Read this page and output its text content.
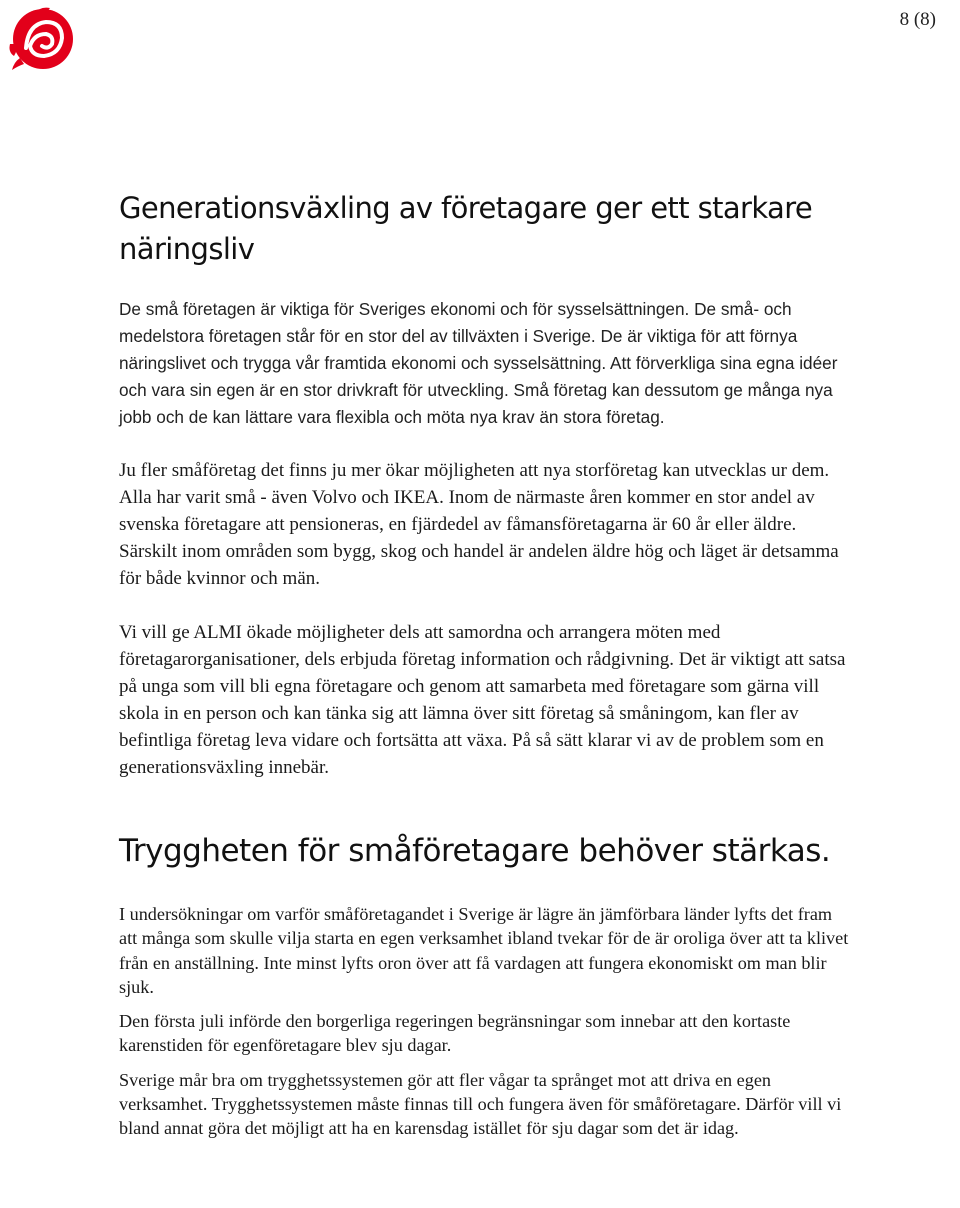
8 (8)
Generationsväxling av företagare ger ett starkare näringsliv

De små företagen är viktiga för Sveriges ekonomi och för sysselsättningen. De små- och medelstora företagen står för en stor del av tillväxten i Sverige. De är viktiga för att förnya näringslivet och trygga vår framtida ekonomi och sysselsättning. Att förverkliga sina egna idéer och vara sin egen är en stor drivkraft för utveckling. Små företag kan dessutom ge många nya jobb och de kan lättare vara flexibla och möta nya krav än stora företag.

Ju fler småföretag det finns ju mer ökar möjligheten att nya storföretag kan utvecklas ur dem. Alla har varit små - även Volvo och IKEA. Inom de närmaste åren kommer en stor andel av svenska företagare att pensioneras, en fjärdedel av fåmansföretagarna är 60 år eller äldre. Särskilt inom områden som bygg, skog och handel är andelen äldre hög och läget är detsamma för både kvinnor och män.

Vi vill ge ALMI ökade möjligheter dels att samordna och arrangera möten med företagarorganisationer, dels erbjuda företag information och rådgivning. Det är viktigt att satsa på unga som vill bli egna företagare och genom att samarbeta med företagare som gärna vill skola in en person och kan tänka sig att lämna över sitt företag så småningom, kan fler av befintliga företag leva vidare och fortsätta att växa. På så sätt klarar vi av de problem som en generationsväxling innebär.

Tryggheten för småföretagare behöver stärkas.

I undersökningar om varför småföretagandet i Sverige är lägre än jämförbara länder lyfts det fram att många som skulle vilja starta en egen verksamhet ibland tvekar för de är oroliga över att ta klivet från en anställning. Inte minst lyfts oron över att få vardagen att fungera ekonomiskt om man blir sjuk.

Den första juli införde den borgerliga regeringen begränsningar som innebar att den kortaste karenstiden för egenföretagare blev sju dagar.

Sverige mår bra om trygghetssystemen gör att fler vågar ta språnget mot att driva en egen verksamhet. Trygghetssystemen måste finnas till och fungera även för småföretagare. Därför vill vi bland annat göra det möjligt att ha en karensdag istället för sju dagar som det är idag.
